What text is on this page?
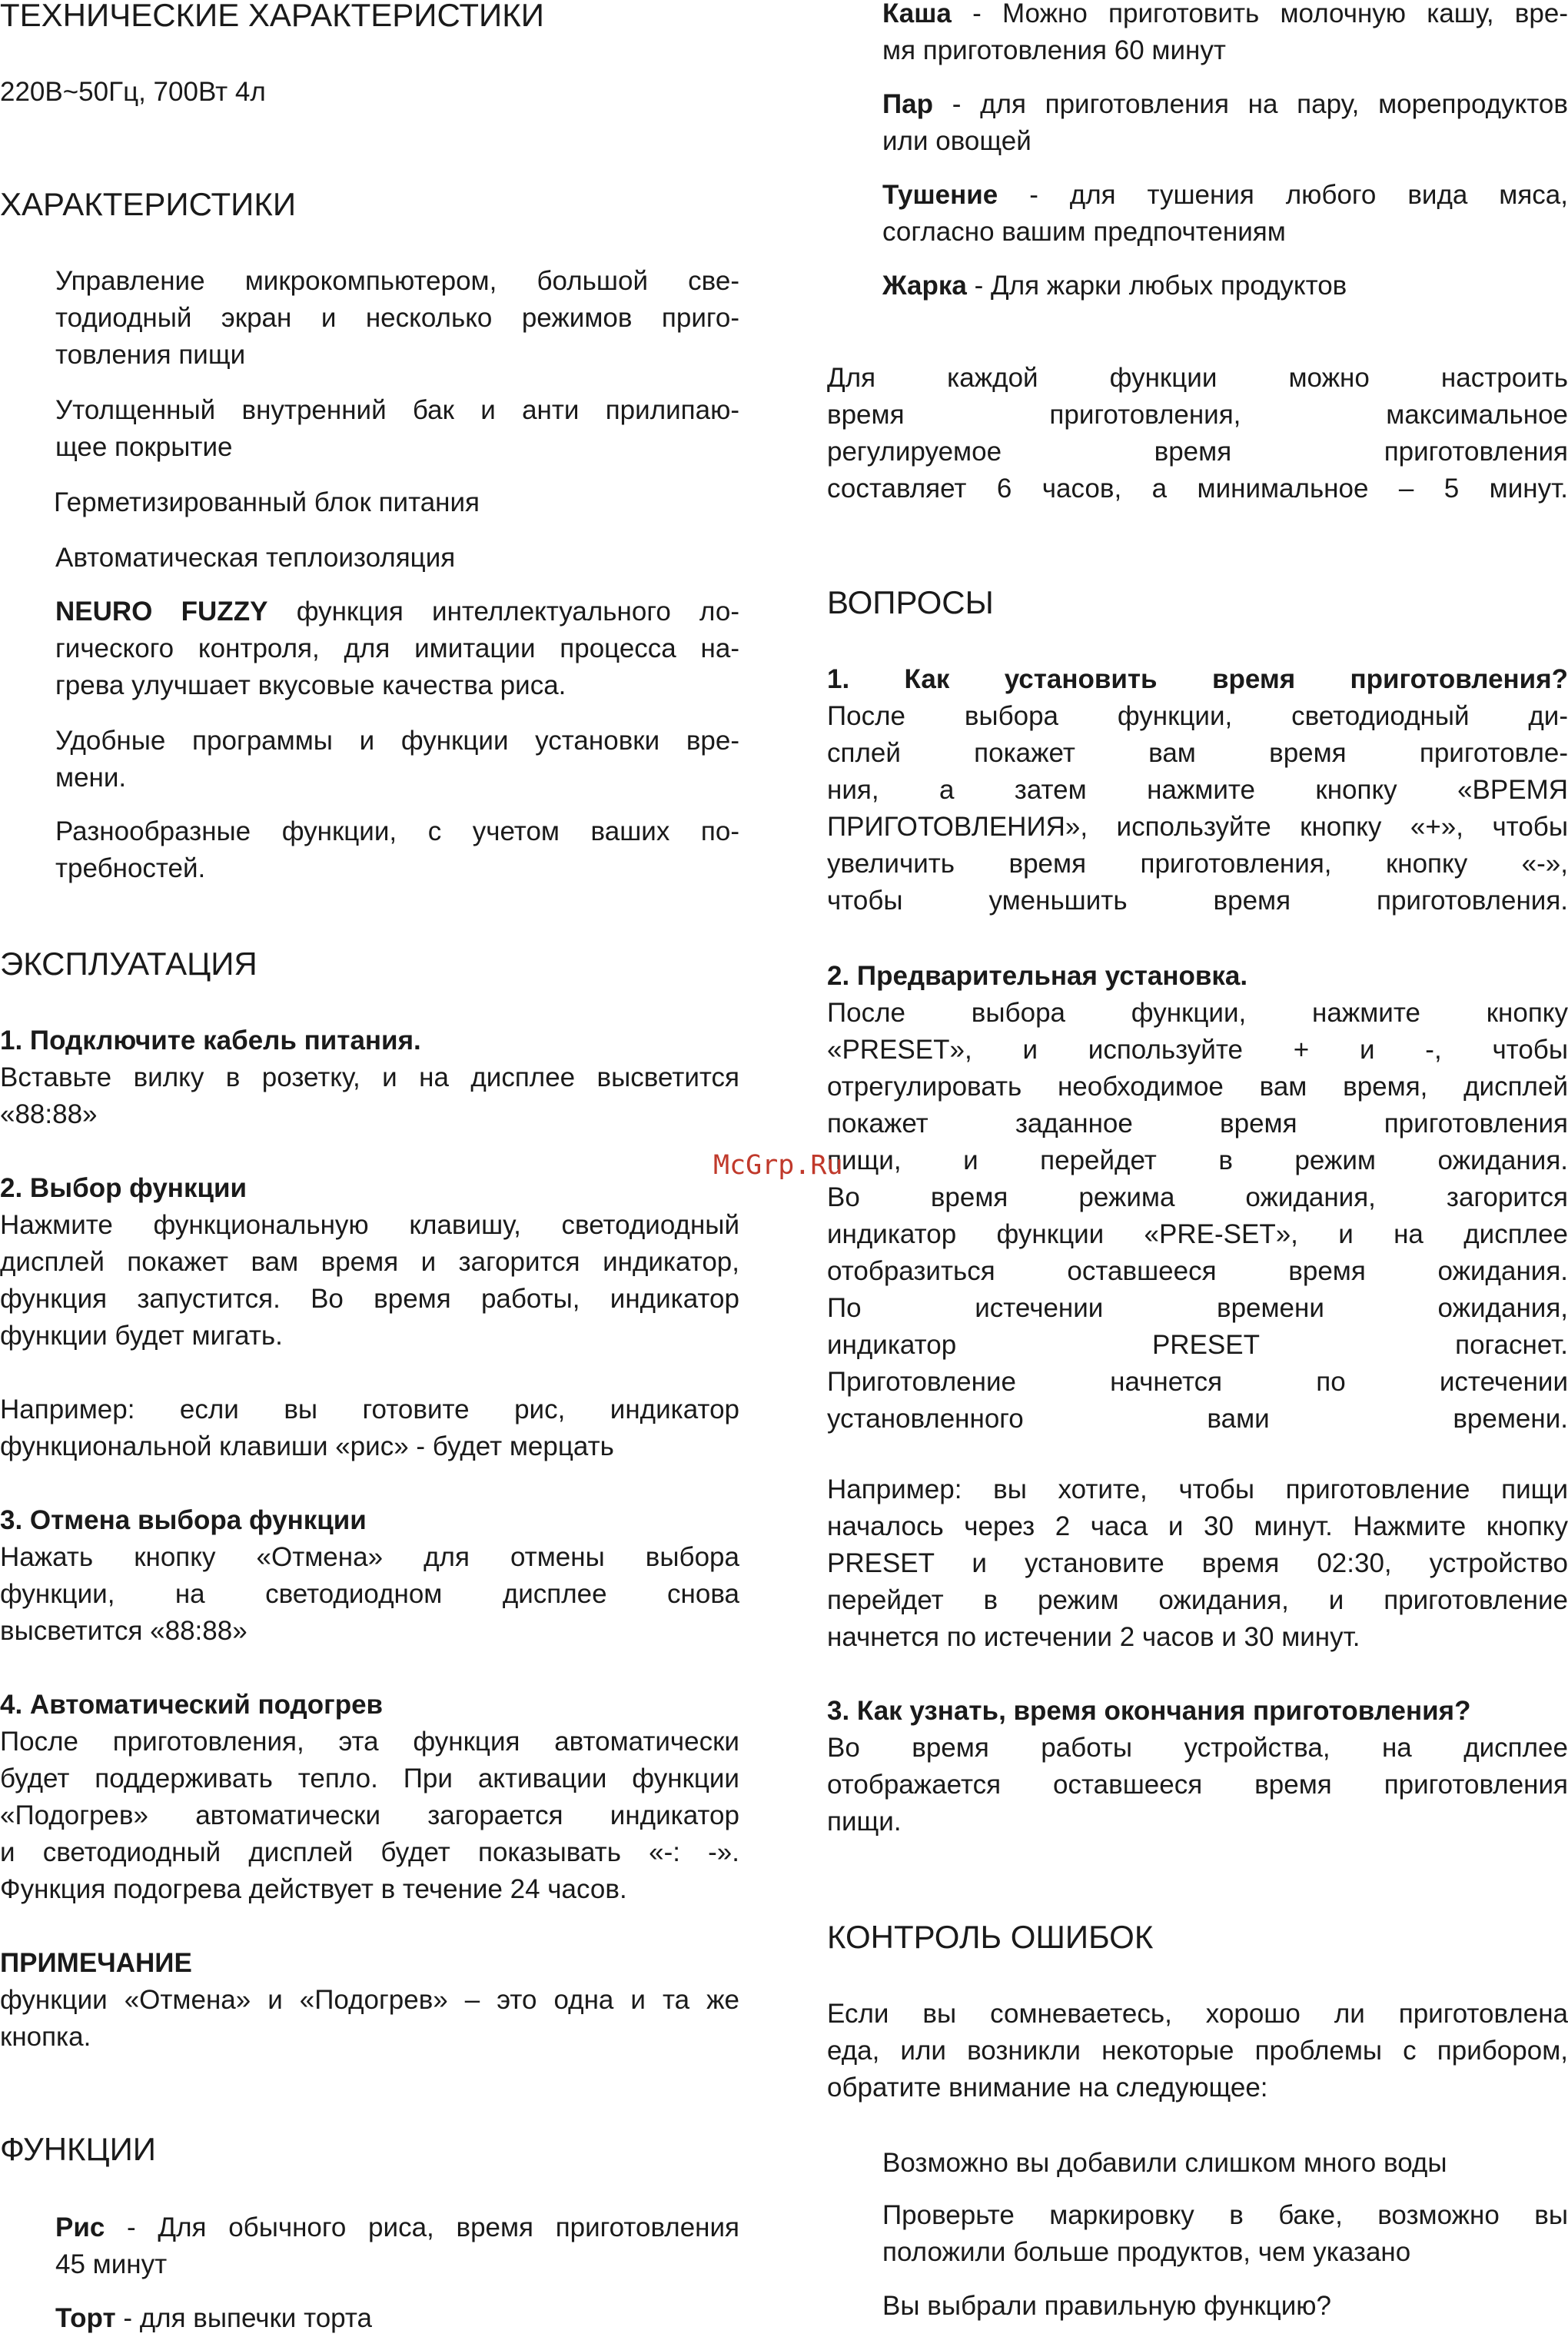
ТЕХНИЧЕСКИЕ ХАРАКТЕРИСТИКИ
220В~50Гц, 700Вт 4л
ХАРАКТЕРИСТИКИ
Управление микрокомпьютером, большой све-
тодиодный экран и несколько режимов приго-
товления пищи
Утолщенный внутренний бак и анти прилипаю-
щее покрытие
Герметизированный блок питания
Автоматическая теплоизоляция
NEURO FUZZY функция интеллектуального ло-
гического контроля, для имитации процесса на-
грева улучшает вкусовые качества риса.
Удобные программы и функции установки вре-
мени.
Разнообразные функции, с учетом ваших по-
требностей.
ЭКСПЛУАТАЦИЯ
1. Подключите кабель питания.
Вставьте вилку в розетку, и на дисплее высветится
«88:88»
2. Выбор функции
Нажмите функциональную клавишу, светодиодный
дисплей покажет вам время и загорится индикатор,
функция запустится. Во время работы, индикатор
функции будет мигать.
Например: если вы готовите рис, индикатор
функциональной клавиши «рис» - будет мерцать
3. Отмена выбора функции
Нажать кнопку «Отмена» для отмены выбора
функции, на светодиодном дисплее снова
высветится «88:88»
4. Автоматический подогрев
После приготовления, эта функция автоматически
будет поддерживать тепло. При активации функции
«Подогрев» автоматически загорается индикатор
и светодиодный дисплей будет показывать «-: -».
Функция подогрева действует в течение 24 часов.
ПРИМЕЧАНИЕ
функции «Отмена» и «Подогрев» – это одна и та же
кнопка.
ФУНКЦИИ
Рис - Для обычного риса, время приготовления
45 минут
Торт - для выпечки торта
Каша - Можно приготовить молочную кашу, вре-
мя приготовления 60 минут
Пар - для приготовления на пару, морепродуктов
или овощей
Тушение - для тушения любого вида мяса,
согласно вашим предпочтениям
Жарка - Для жарки любых продуктов
Для каждой функции можно настроить
время приготовления, максимальное
регулируемое время приготовления
составляет 6 часов, а минимальное – 5 минут.
ВОПРОСЫ
1. Как установить время приготовления?
После выбора функции, светодиодный ди-
сплей покажет вам время приготовле-
ния, а затем нажмите кнопку «ВРЕМЯ
ПРИГОТОВЛЕНИЯ», используйте кнопку «+», чтобы
увеличить время приготовления, кнопку «-»,
чтобы уменьшить время приготовления.
2. Предварительная установка.
После выбора функции, нажмите кнопку
«PRESET», и используйте + и -, чтобы
отрегулировать необходимое вам время, дисплей
покажет заданное время приготовления
пищи, и перейдет в режим ожидания.
Во время режима ожидания, загорится
индикатор функции «PRE-SET», и на дисплее
отобразиться оставшееся время ожидания.
По истечении времени ожидания,
индикатор PRESET погаснет.
Приготовление начнется по истечении
установленного вами времени.
Например: вы хотите, чтобы приготовление пищи
началось через 2 часа и 30 минут. Нажмите кнопку
PRESET и установите время 02:30, устройство
перейдет в режим ожидания, и приготовление
начнется по истечении 2 часов и 30 минут.
3. Как узнать, время окончания приготовления?
Во время работы устройства, на дисплее
отображается оставшееся время приготовления
пищи.
КОНТРОЛЬ ОШИБОК
Если вы сомневаетесь, хорошо ли приготовлена
еда, или возникли некоторые проблемы с прибором,
обратите внимание на следующее:
Возможно вы добавили слишком много воды
Проверьте маркировку в баке, возможно вы
положили больше продуктов, чем указано
Вы выбрали правильную функцию?
McGrp.Ru
